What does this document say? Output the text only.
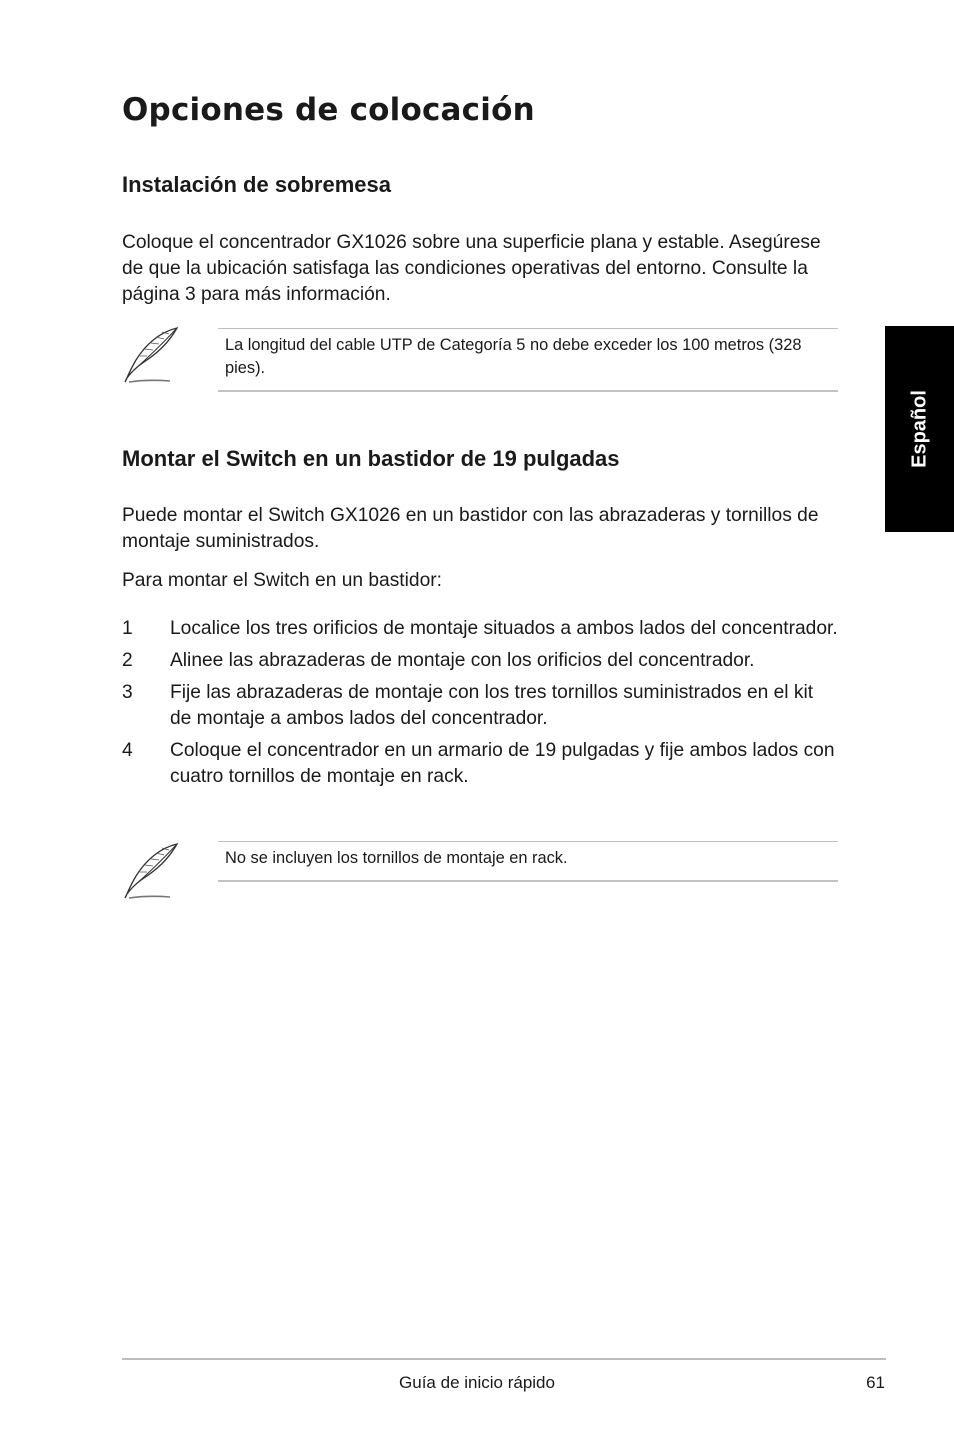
Opciones de colocación
Instalación de sobremesa

Coloque el concentrador GX1026 sobre una superficie plana y estable. Asegúrese de que la ubicación satisfaga las condiciones operativas del entorno. Consulte la página 3 para más información.

La longitud del cable UTP de Categoría 5 no debe exceder los 100 metros (328 pies).

Montar el Switch en un bastidor de 19 pulgadas

Puede montar el Switch GX1026 en un bastidor con las abrazaderas y tornillos de montaje suministrados.

Para montar el Switch en un bastidor:

1 Localice los tres orificios de montaje situados a ambos lados del concentrador.
2 Alinee las abrazaderas de montaje con los orificios del concentrador.
3 Fije las abrazaderas de montaje con los tres tornillos suministrados en el kit de montaje a ambos lados del concentrador.
4 Coloque el concentrador en un armario de 19 pulgadas y fije ambos lados con cuatro tornillos de montaje en rack.

No se incluyen los tornillos de montaje en rack.

Español
Guía de inicio rápido	61
